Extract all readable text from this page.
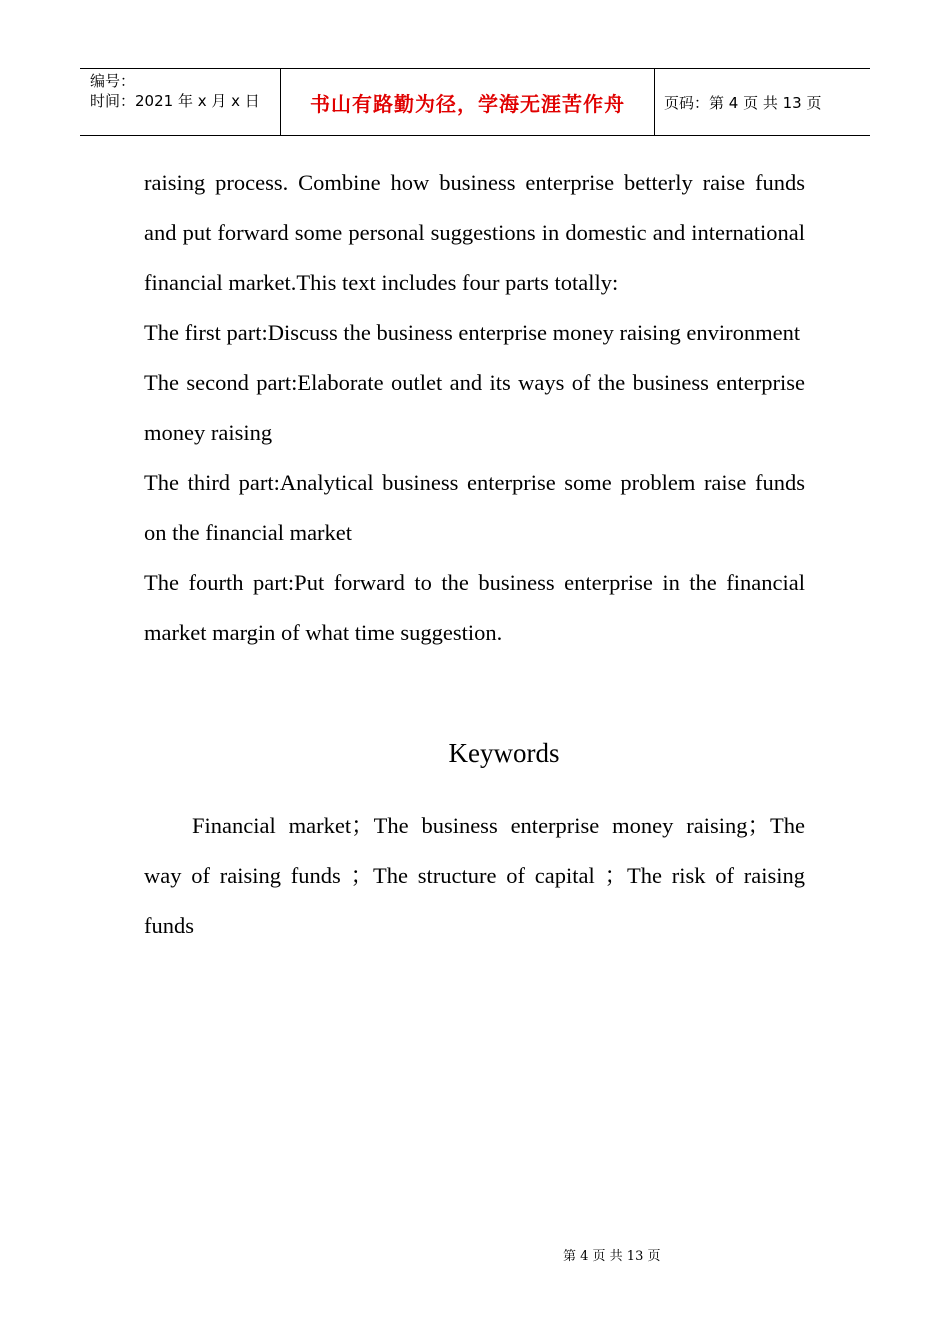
编号：
时间：2021 年 x 月 x 日	书山有路勤为径，学海无涯苦作舟	页码：第 4 页 共 13 页

raising process. Combine how business enterprise betterly raise funds and put forward some personal suggestions in domestic and international financial market.This text includes four parts totally:

The first part:Discuss the business enterprise money raising environment

The second part:Elaborate outlet and its ways of the business enterprise money raising

The third part:Analytical business enterprise some problem raise funds on the financial market

The fourth part:Put forward to the business enterprise in the financial market margin of what time suggestion.

Keywords

Financial market；The business enterprise money raising；The way of raising funds ；The structure of capital ；The risk of raising funds

第 4 页 共 13 页
